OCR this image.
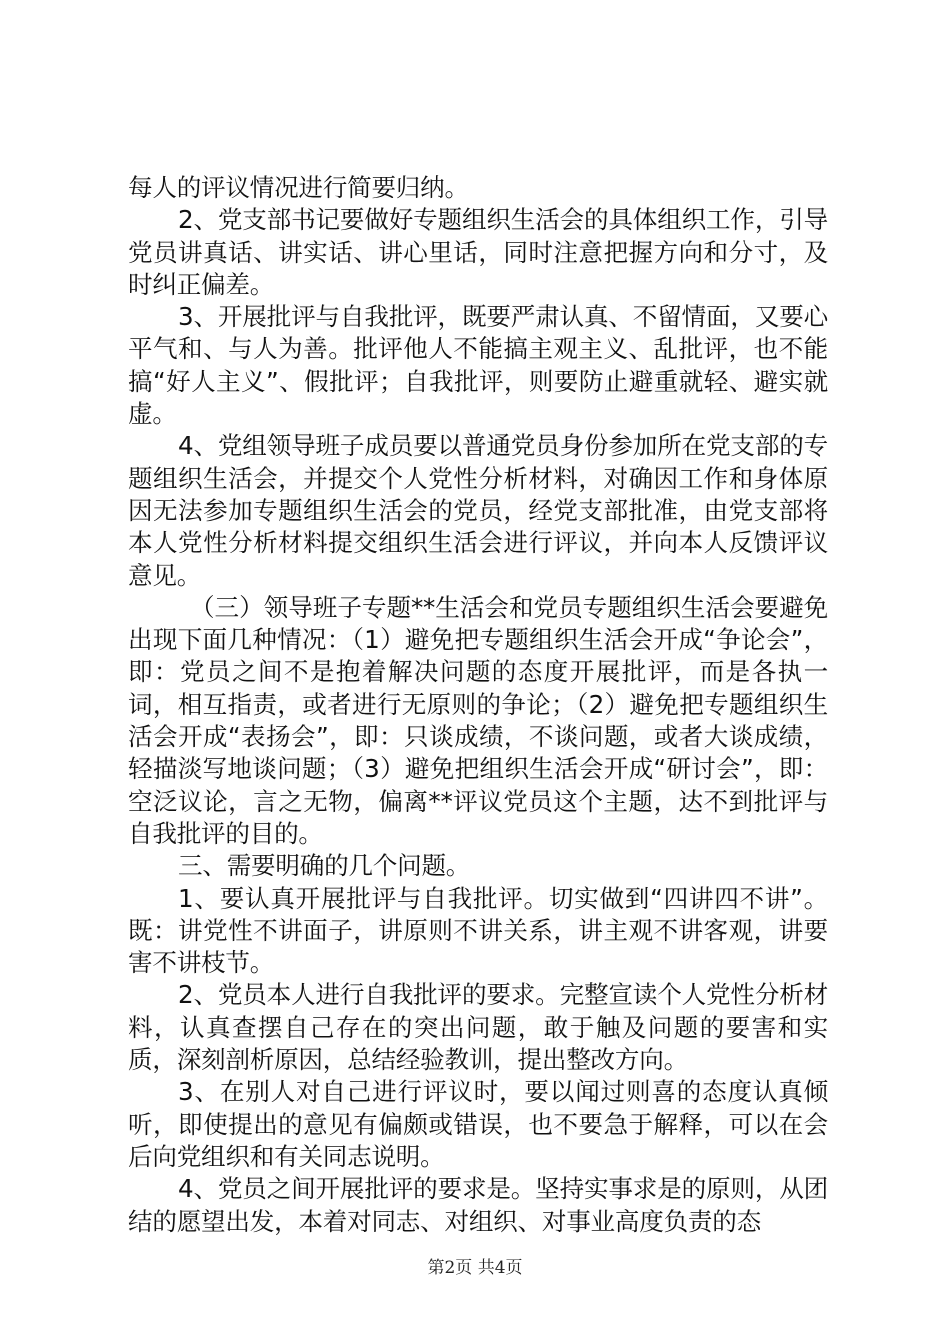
每人的评议情况进行简要归纳。

2、党支部书记要做好专题组织生活会的具体组织工作，引导党员讲真话、讲实话、讲心里话，同时注意把握方向和分寸，及时纠正偏差。

3、开展批评与自我批评，既要严肃认真、不留情面，又要心平气和、与人为善。批评他人不能搞主观主义、乱批评，也不能搞“好人主义”、假批评；自我批评，则要防止避重就轻、避实就虚。

4、党组领导班子成员要以普通党员身份参加所在党支部的专题组织生活会，并提交个人党性分析材料，对确因工作和身体原因无法参加专题组织生活会的党员，经党支部批准，由党支部将本人党性分析材料提交组织生活会进行评议，并向本人反馈评议意见。

（三）领导班子专题**生活会和党员专题组织生活会要避免出现下面几种情况：（1）避免把专题组织生活会开成“争论会”，即：党员之间不是抱着解决问题的态度开展批评，而是各执一词，相互指责，或者进行无原则的争论；（2）避免把专题组织生活会开成“表扬会”，即：只谈成绩，不谈问题，或者大谈成绩，轻描淡写地谈问题；（3）避免把组织生活会开成“研讨会”，即：空泛议论，言之无物，偏离**评议党员这个主题，达不到批评与自我批评的目的。

三、需要明确的几个问题。

1、要认真开展批评与自我批评。切实做到“四讲四不讲”。既：讲党性不讲面子，讲原则不讲关系，讲主观不讲客观，讲要害不讲枝节。

2、党员本人进行自我批评的要求。完整宣读个人党性分析材料，认真查摆自己存在的突出问题，敢于触及问题的要害和实质，深刻剖析原因，总结经验教训，提出整改方向。

3、在别人对自己进行评议时，要以闻过则喜的态度认真倾听，即使提出的意见有偏颇或错误，也不要急于解释，可以在会后向党组织和有关同志说明。

4、党员之间开展批评的要求是。坚持实事求是的原则，从团结的愿望出发，本着对同志、对组织、对事业高度负责的态

第2页 共4页
